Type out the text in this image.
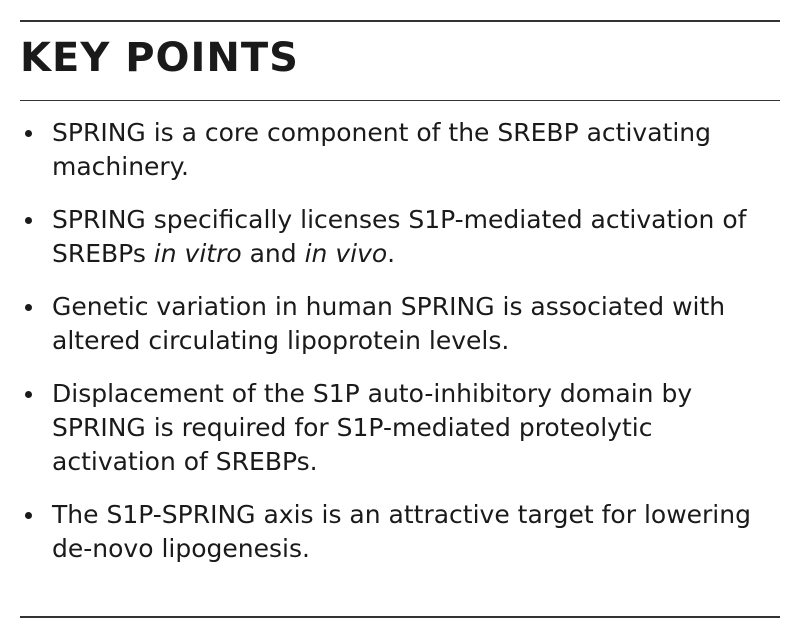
KEY POINTS
SPRING is a core component of the SREBP activating machinery.
SPRING specifically licenses S1P-mediated activation of SREBPs in vitro and in vivo.
Genetic variation in human SPRING is associated with altered circulating lipoprotein levels.
Displacement of the S1P auto-inhibitory domain by SPRING is required for S1P-mediated proteolytic activation of SREBPs.
The S1P-SPRING axis is an attractive target for lowering de-novo lipogenesis.
